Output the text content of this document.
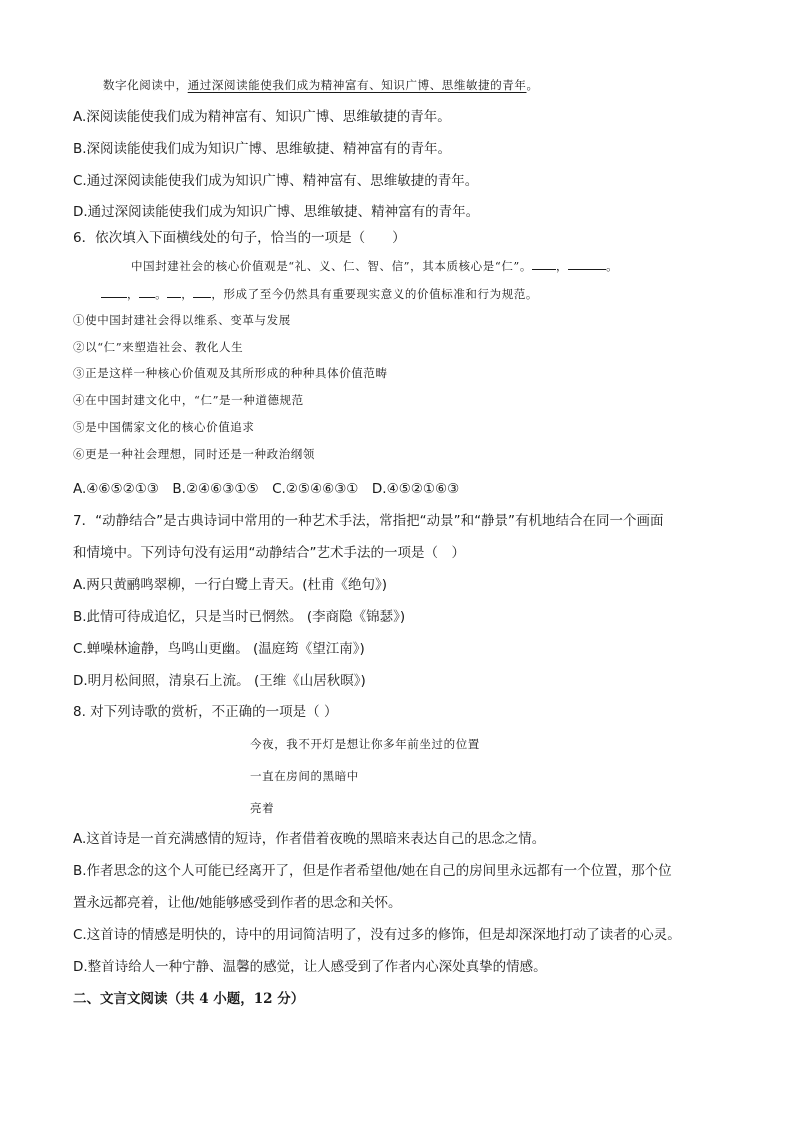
数字化阅读中，通过深阅读能使我们成为精神富有、知识广博、思维敏捷的青年。
A.深阅读能使我们成为精神富有、知识广博、思维敏捷的青年。
B.深阅读能使我们成为知识广博、思维敏捷、精神富有的青年。
C.通过深阅读能使我们成为知识广博、精神富有、思维敏捷的青年。
D.通过深阅读能使我们成为知识广博、思维敏捷、精神富有的青年。
6．依次填入下面横线处的句子，恰当的一项是（　　）
中国封建社会的核心价值观是“礼、义、仁、智、信”，其本质核心是“仁”。 ，	。
， 。 ， ，形成了至今仍然具有重要现实意义的价值标准和行为规范。
①使中国封建社会得以维系、变革与发展
②以“仁”来塑造社会、教化人生
③正是这样一种核心价值观及其所形成的种种具体价值范畴
④在中国封建文化中，“仁”是一种道德规范
⑤是中国儒家文化的核心价值追求
⑥更是一种社会理想，同时还是一种政治纲领
A.④⑥⑤②①③　B.②④⑥③①⑤　C.②⑤④⑥③①　D.④⑤②①⑥③
7．“动静结合”是古典诗词中常用的一种艺术手法，常指把“动景”和“静景”有机地结合在同一个画面
和情境中。下列诗句没有运用“动静结合”艺术手法的一项是（　）
A.两只黄鹂鸣翠柳，一行白鹭上青天。(杜甫《绝句》)
B.此情可待成追忆，只是当时已惘然。 (李商隐《锦瑟》)
C.蝉噪林逾静，鸟鸣山更幽。 (温庭筠《望江南》)
D.明月松间照，清泉石上流。 (王维《山居秋暝》)
8. 对下列诗歌的赏析，不正确的一项是（ ）
今夜，我不开灯是想让你多年前坐过的位置
一直在房间的黑暗中
亮着
A.这首诗是一首充满感情的短诗，作者借着夜晚的黑暗来表达自己的思念之情。
B.作者思念的这个人可能已经离开了，但是作者希望他/她在自己的房间里永远都有一个位置，那个位
置永远都亮着，让他/她能够感受到作者的思念和关怀。
C.这首诗的情感是明快的，诗中的用词简洁明了，没有过多的修饰，但是却深深地打动了读者的心灵。
D.整首诗给人一种宁静、温馨的感觉，让人感受到了作者内心深处真挚的情感。
二、文言文阅读（共 4 小题，12 分）
